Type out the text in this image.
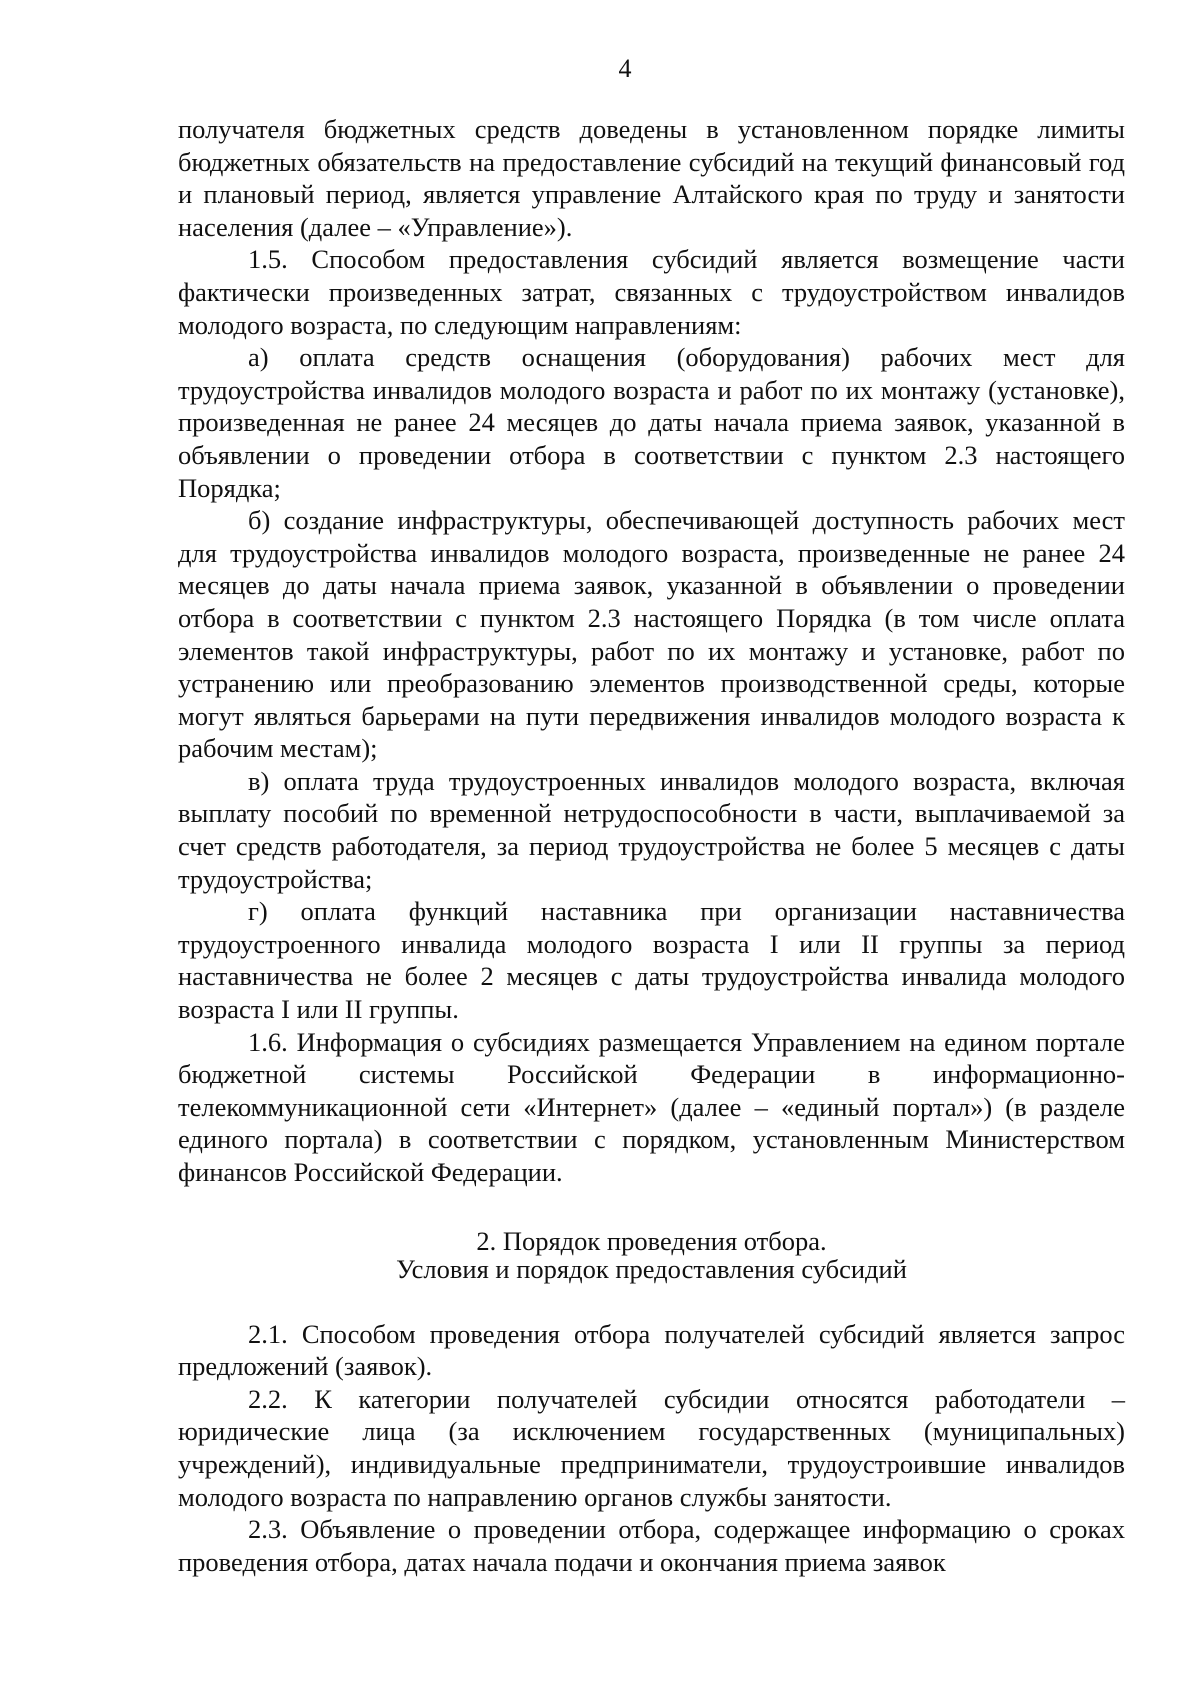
4

получателя бюджетных средств доведены в установленном порядке лимиты бюджетных обязательств на предоставление субсидий на текущий финансовый год и плановый период, является управление Алтайского края по труду и занятости населения (далее – «Управление»).

1.5. Способом предоставления субсидий является возмещение части фактически произведенных затрат, связанных с трудоустройством инвалидов молодого возраста, по следующим направлениям:

а) оплата средств оснащения (оборудования) рабочих мест для трудоустройства инвалидов молодого возраста и работ по их монтажу (установке), произведенная не ранее 24 месяцев до даты начала приема заявок, указанной в объявлении о проведении отбора в соответствии с пунктом 2.3 настоящего Порядка;

б) создание инфраструктуры, обеспечивающей доступность рабочих мест для трудоустройства инвалидов молодого возраста, произведенные не ранее 24 месяцев до даты начала приема заявок, указанной в объявлении о проведении отбора в соответствии с пунктом 2.3 настоящего Порядка (в том числе оплата элементов такой инфраструктуры, работ по их монтажу и установке, работ по устранению или преобразованию элементов производственной среды, которые могут являться барьерами на пути передвижения инвалидов молодого возраста к рабочим местам);

в) оплата труда трудоустроенных инвалидов молодого возраста, включая выплату пособий по временной нетрудоспособности в части, выплачиваемой за счет средств работодателя, за период трудоустройства не более 5 месяцев с даты трудоустройства;

г) оплата функций наставника при организации наставничества трудоустроенного инвалида молодого возраста I или II группы за период наставничества не более 2 месяцев с даты трудоустройства инвалида молодого возраста I или II группы.

1.6. Информация о субсидиях размещается Управлением на едином портале бюджетной системы Российской Федерации в информационно-телекоммуникационной сети «Интернет» (далее – «единый портал») (в разделе единого портала) в соответствии с порядком, установленным Министерством финансов Российской Федерации.

2. Порядок проведения отбора.
Условия и порядок предоставления субсидий

2.1. Способом проведения отбора получателей субсидий является запрос предложений (заявок).

2.2. К категории получателей субсидии относятся работодатели – юридические лица (за исключением государственных (муниципальных) учреждений), индивидуальные предприниматели, трудоустроившие инвалидов молодого возраста по направлению органов службы занятости.

2.3. Объявление о проведении отбора, содержащее информацию о сроках проведения отбора, датах начала подачи и окончания приема заявок
